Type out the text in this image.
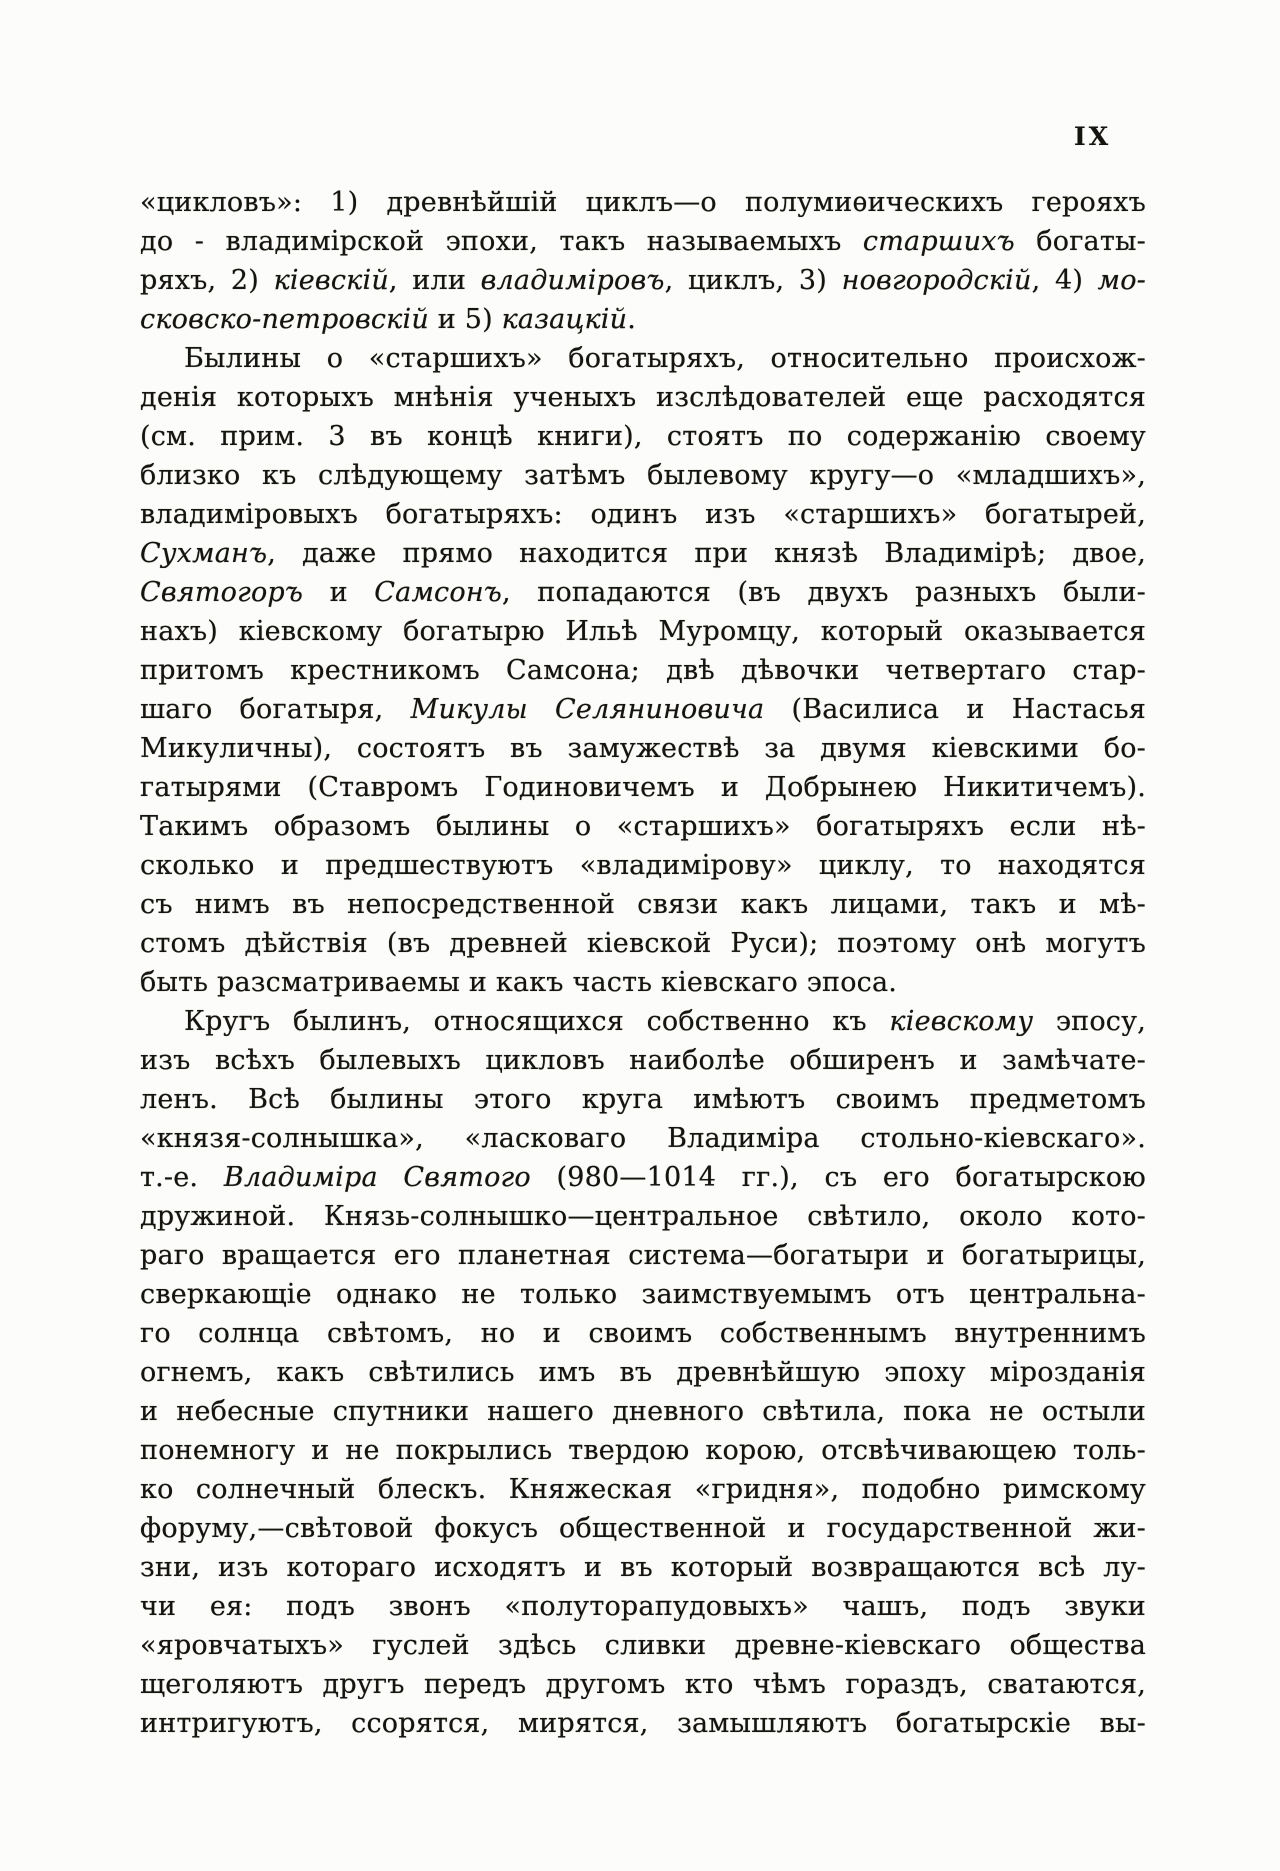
IX
«цикловъ»: 1) древнѣйшій циклъ—о полумиѳическихъ герояхъ
до - владимірской эпохи, такъ называемыхъ старшихъ богаты-
ряхъ, 2) кіевскій, или владиміровъ, циклъ, 3) новгородскій, 4) мо-
сковско-петровскій и 5) казацкій.
Былины о «старшихъ» богатыряхъ, относительно происхож-
денія которыхъ мнѣнія ученыхъ изслѣдователей еще расходятся
(см. прим. 3 въ концѣ книги), стоятъ по содержанію своему
близко къ слѣдующему затѣмъ былевому кругу—о «младшихъ»,
владиміровыхъ богатыряхъ: одинъ изъ «старшихъ» богатырей,
Сухманъ, даже прямо находится при князѣ Владимірѣ; двое,
Святогоръ и Самсонъ, попадаются (въ двухъ разныхъ были-
нахъ) кіевскому богатырю Ильѣ Муромцу, который оказывается
притомъ крестникомъ Самсона; двѣ дѣвочки четвертаго стар-
шаго богатыря, Микулы Селяниновича (Василиса и Настасья
Микуличны), состоятъ въ замужествѣ за двумя кіевскими бо-
гатырями (Ставромъ Годиновичемъ и Добрынею Никитичемъ).
Такимъ образомъ былины о «старшихъ» богатыряхъ если нѣ-
сколько и предшествуютъ «владимірову» циклу, то находятся
съ нимъ въ непосредственной связи какъ лицами, такъ и мѣ-
стомъ дѣйствія (въ древней кіевской Руси); поэтому онѣ могутъ
быть разсматриваемы и какъ часть кіевскаго эпоса.
Кругъ былинъ, относящихся собственно къ кіевскому эпосу,
изъ всѣхъ былевыхъ цикловъ наиболѣе обширенъ и замѣчате-
ленъ. Всѣ былины этого круга имѣютъ своимъ предметомъ
«князя-солнышка», «ласковаго Владиміра стольно-кіевскаго».
т.-е. Владиміра Святого (980—1014 гг.), съ его богатырскою
дружиной. Князь-солнышко—центральное свѣтило, около кото-
раго вращается его планетная система—богатыри и богатырицы,
сверкающіе однако не только заимствуемымъ отъ центральна-
го солнца свѣтомъ, но и своимъ собственнымъ внутреннимъ
огнемъ, какъ свѣтились имъ въ древнѣйшую эпоху мірозданія
и небесные спутники нашего дневного свѣтила, пока не остыли
понемногу и не покрылись твердою корою, отсвѣчивающею толь-
ко солнечный блескъ. Княжеская «гридня», подобно римскому
форуму,—свѣтовой фокусъ общественной и государственной жи-
зни, изъ котораго исходятъ и въ который возвращаются всѣ лу-
чи ея: подъ звонъ «полуторапудовыхъ» чашъ, подъ звуки
«яровчатыхъ» гуслей здѣсь сливки древне-кіевскаго общества
щеголяютъ другъ передъ другомъ кто чѣмъ гораздъ, сватаются,
интригуютъ, ссорятся, мирятся, замышляютъ богатырскіе вы-
